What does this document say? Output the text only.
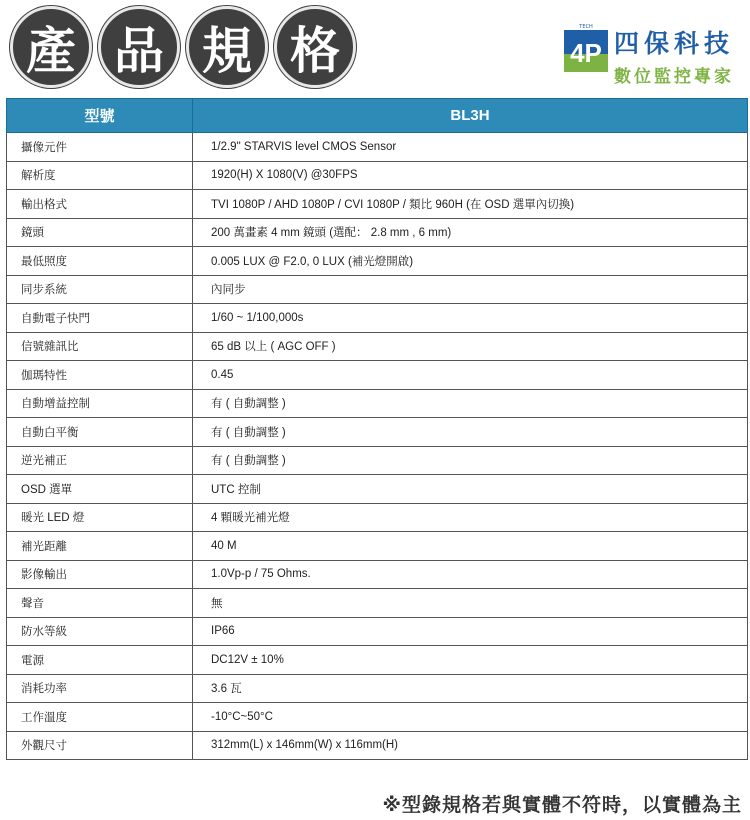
產 品 規 格	TECH
4P 四保科技
數位監控專家
型號	BL3H
攝像元件	1/2.9" STARVIS level CMOS Sensor
解析度	1920(H) X 1080(V) @30FPS
輸出格式	TVI 1080P / AHD 1080P / CVI 1080P / 類比 960H (在 OSD 選單內切換)
鏡頭	200 萬畫素 4 mm 鏡頭 (選配： 2.8 mm , 6 mm)
最低照度	0.005 LUX @ F2.0, 0 LUX (補光燈開啟)
同步系統	內同步
自動電子快門	1/60 ~ 1/100,000s
信號雜訊比	65 dB 以上 ( AGC OFF )
伽瑪特性	0.45
自動增益控制	有 ( 自動調整 )
自動白平衡	有 ( 自動調整 )
逆光補正	有 ( 自動調整 )
OSD 選單	UTC 控制
暖光 LED 燈	4 顆暖光補光燈
補光距離	40 M
影像輸出	1.0Vp-p / 75 Ohms.
聲音	無
防水等級	IP66
電源	DC12V ± 10%
消耗功率	3.6 瓦
工作溫度	-10°C~50°C
外觀尺寸	312mm(L) x 146mm(W) x 116mm(H)
※型錄規格若與實體不符時，以實體為主
